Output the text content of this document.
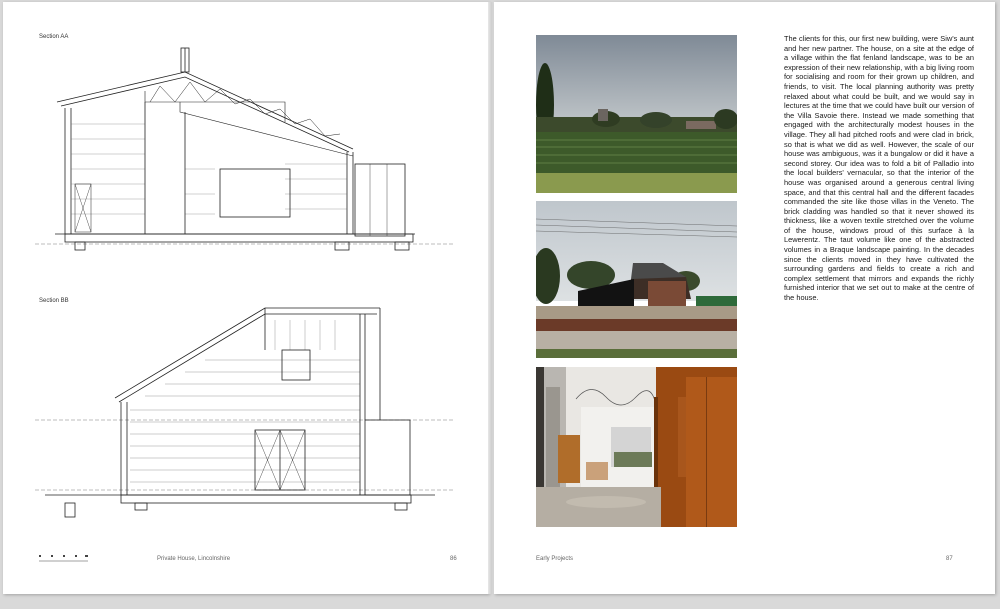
Section AA
Section BB
Private House, Lincolnshire	86

The clients for this, our first new building, were Siw's aunt and her new partner. The house, on a site at the edge of a village within the flat fenland landscape, was to be an expression of their new relationship, with a big living room for socialising and room for their grown up children, and friends, to visit. The local planning authority was pretty relaxed about what could be built, and we would say in lectures at the time that we could have built our version of the Villa Savoie there. Instead we made something that engaged with the architecturally modest houses in the village. They all had pitched roofs and were clad in brick, so that is what we did as well. However, the scale of our house was ambiguous, was it a bungalow or did it have a second storey. Our idea was to fold a bit of Palladio into the local builders' vernacular, so that the interior of the house was organised around a generous central living space, and that this central hall and the different facades commanded the site like those villas in the Veneto. The brick cladding was handled so that it never showed its thickness, like a woven textile stretched over the volume of the house, windows proud of this surface à la Lewerentz. The taut volume like one of the abstracted volumes in a Braque landscape painting. In the decades since the clients moved in they have cultivated the surrounding gardens and fields to create a rich and complex settlement that mirrors and expands the richly furnished interior that we set out to make at the centre of the house.

Early Projects	87
